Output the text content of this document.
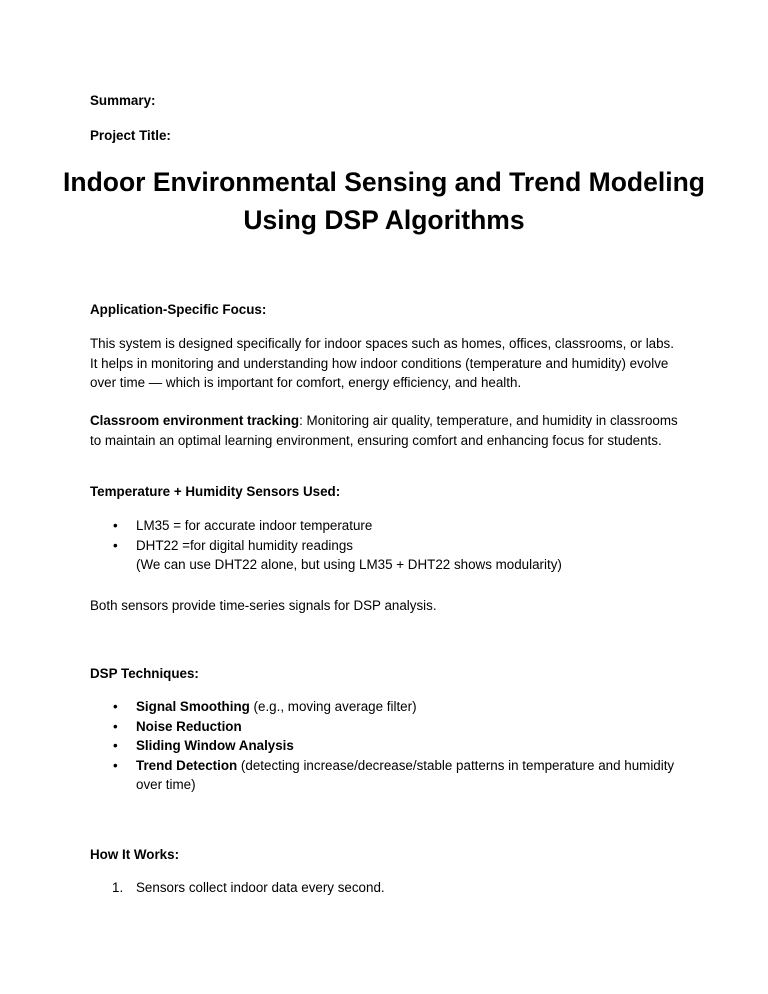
Summary:

Project Title:

Indoor Environmental Sensing and Trend Modeling
Using DSP Algorithms

Application-Specific Focus:

This system is designed specifically for indoor spaces such as homes, offices, classrooms, or labs. It helps in monitoring and understanding how indoor conditions (temperature and humidity) evolve over time — which is important for comfort, energy efficiency, and health.

Classroom environment tracking: Monitoring air quality, temperature, and humidity in classrooms to maintain an optimal learning environment, ensuring comfort and enhancing focus for students.

Temperature + Humidity Sensors Used:

• LM35 = for accurate indoor temperature
• DHT22 =for digital humidity readings
(We can use DHT22 alone, but using LM35 + DHT22 shows modularity)

Both sensors provide time-series signals for DSP analysis.

DSP Techniques:

• Signal Smoothing (e.g., moving average filter)
• Noise Reduction
• Sliding Window Analysis
• Trend Detection (detecting increase/decrease/stable patterns in temperature and humidity over time)

How It Works:

1. Sensors collect indoor data every second.
